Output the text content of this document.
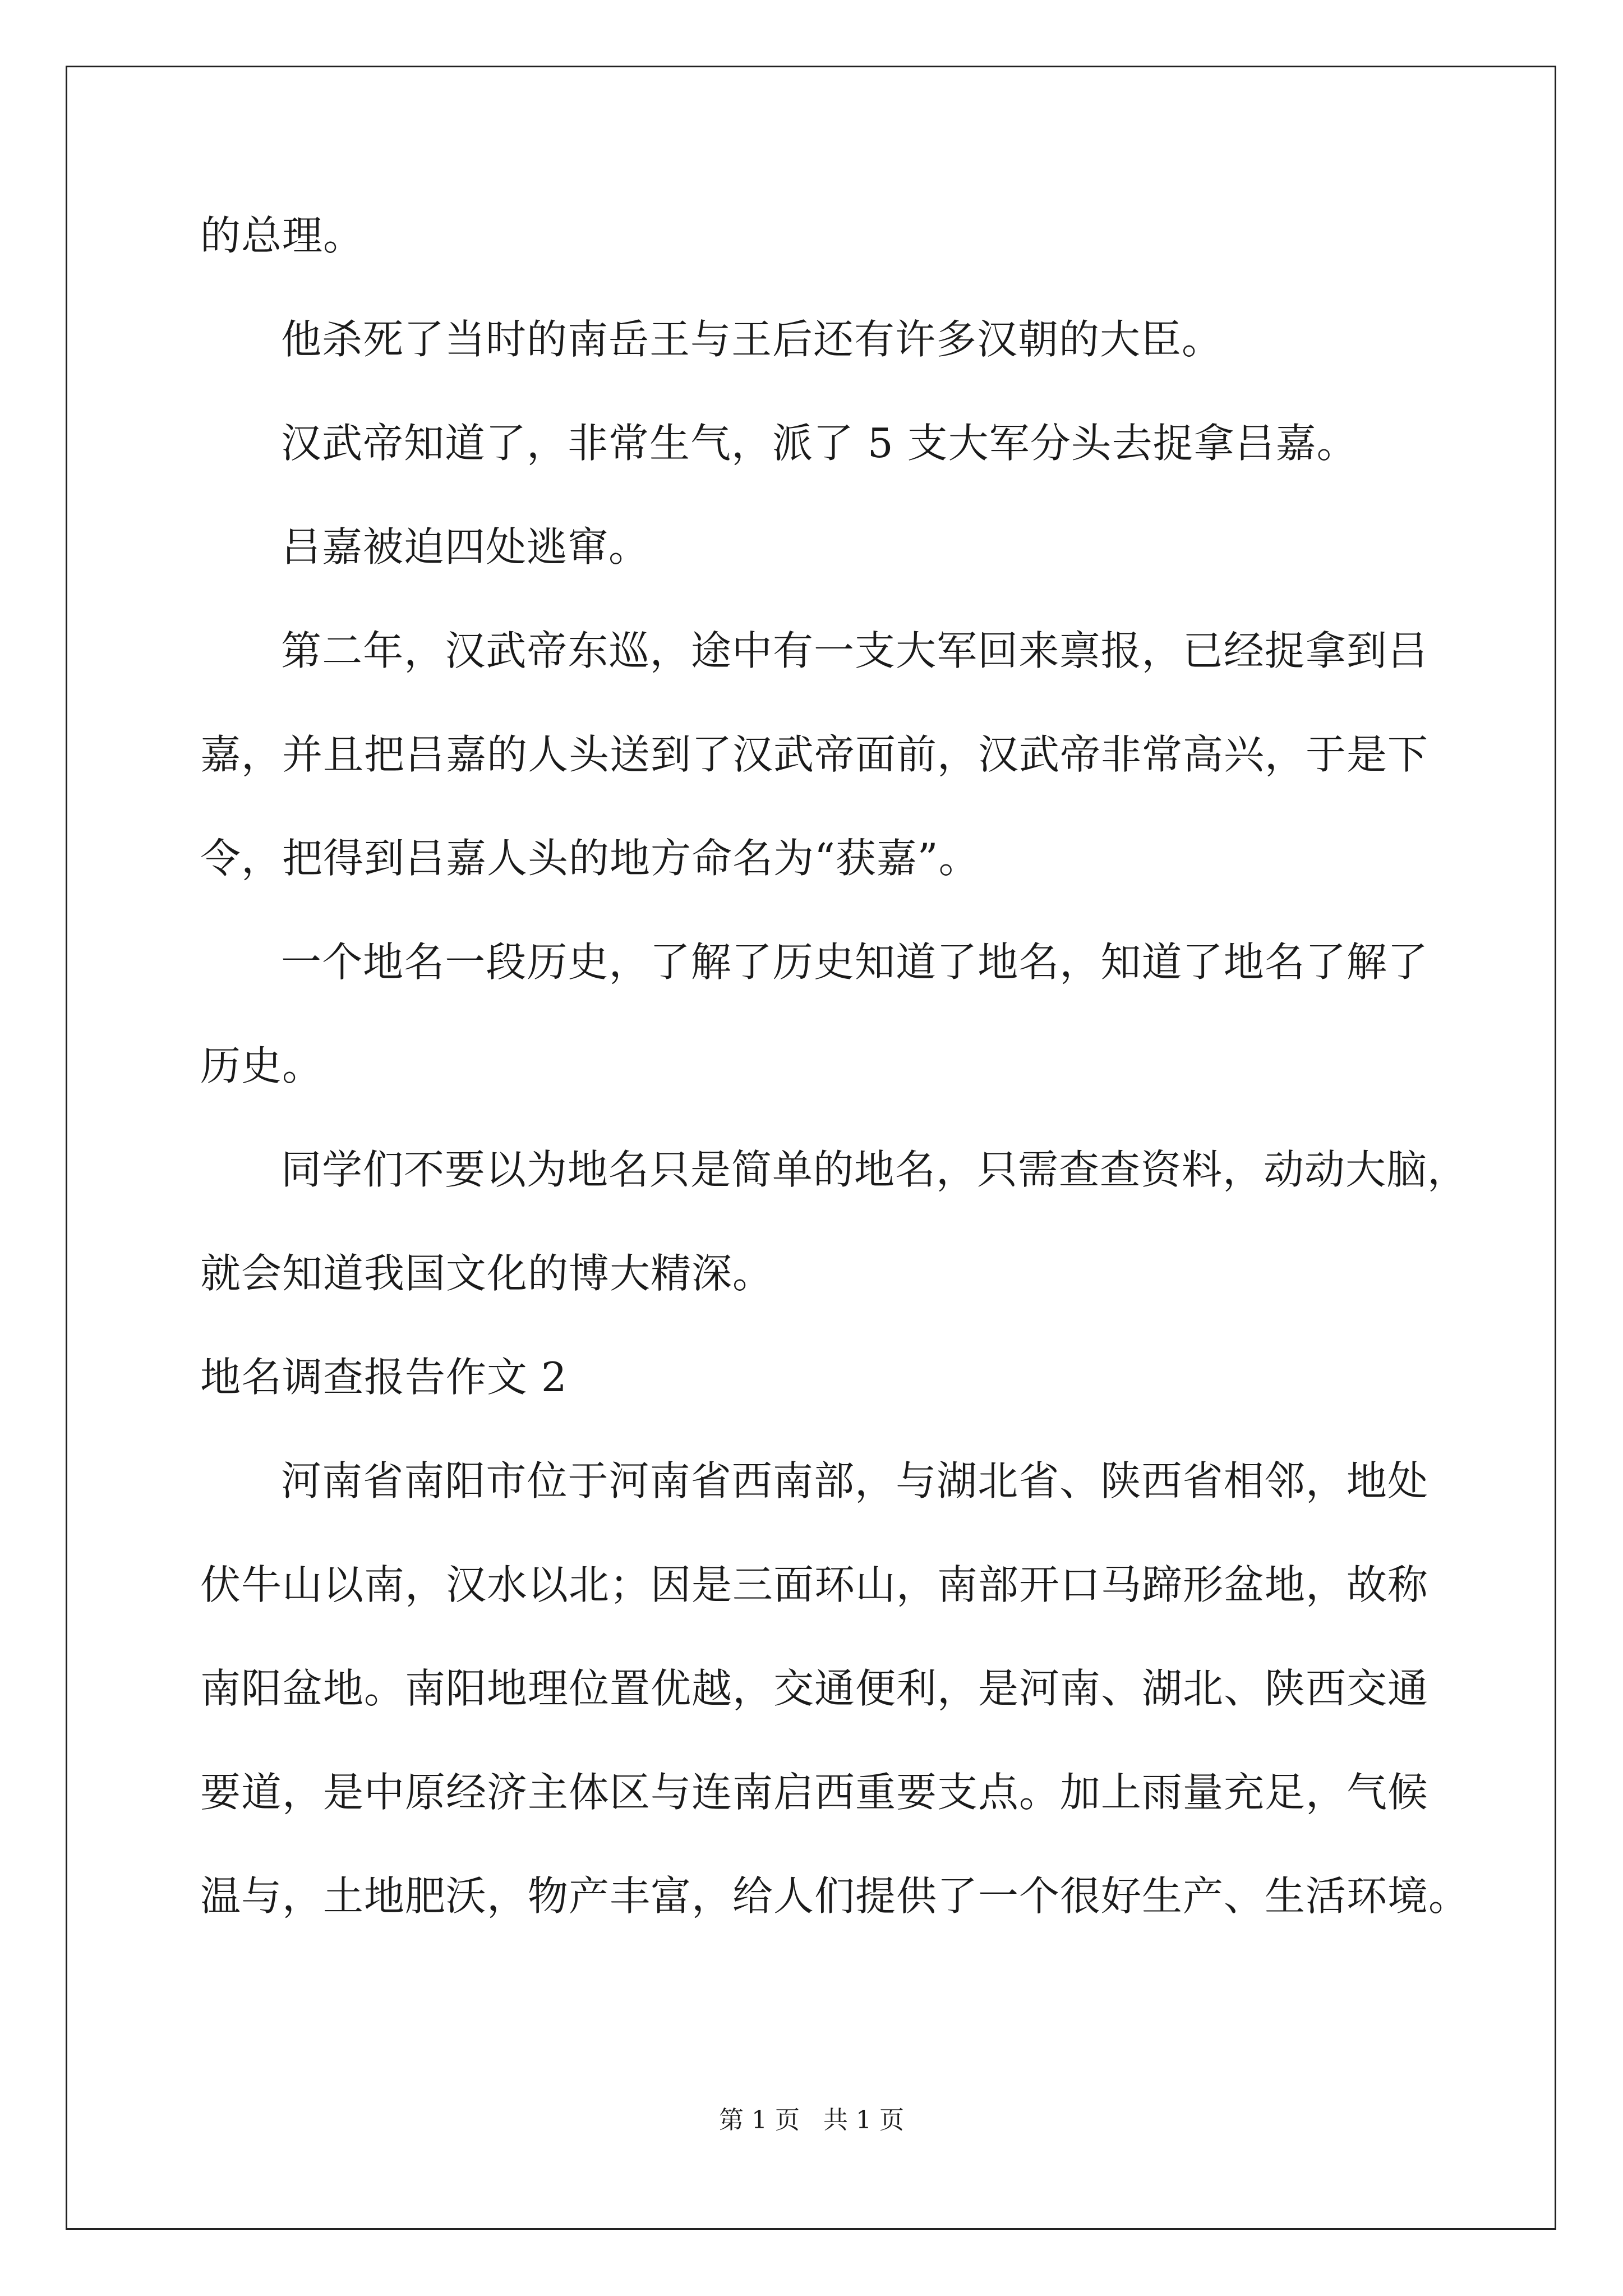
的总理。
他杀死了当时的南岳王与王后还有许多汉朝的大臣。
汉武帝知道了，非常生气，派了 5 支大军分头去捉拿吕嘉。
吕嘉被迫四处逃窜。
第二年，汉武帝东巡，途中有一支大军回来禀报，已经捉拿到吕
嘉，并且把吕嘉的人头送到了汉武帝面前，汉武帝非常高兴，于是下
令，把得到吕嘉人头的地方命名为“获嘉”。
一个地名一段历史，了解了历史知道了地名，知道了地名了解了
历史。
同学们不要以为地名只是简单的地名，只需查查资料，动动大脑，
就会知道我国文化的博大精深。
地名调查报告作文 2
河南省南阳市位于河南省西南部，与湖北省、陕西省相邻，地处
伏牛山以南，汉水以北；因是三面环山，南部开口马蹄形盆地，故称
南阳盆地。南阳地理位置优越，交通便利，是河南、湖北、陕西交通
要道，是中原经济主体区与连南启西重要支点。加上雨量充足，气候
温与，土地肥沃，物产丰富，给人们提供了一个很好生产、生活环境。
第 1 页   共 1 页
